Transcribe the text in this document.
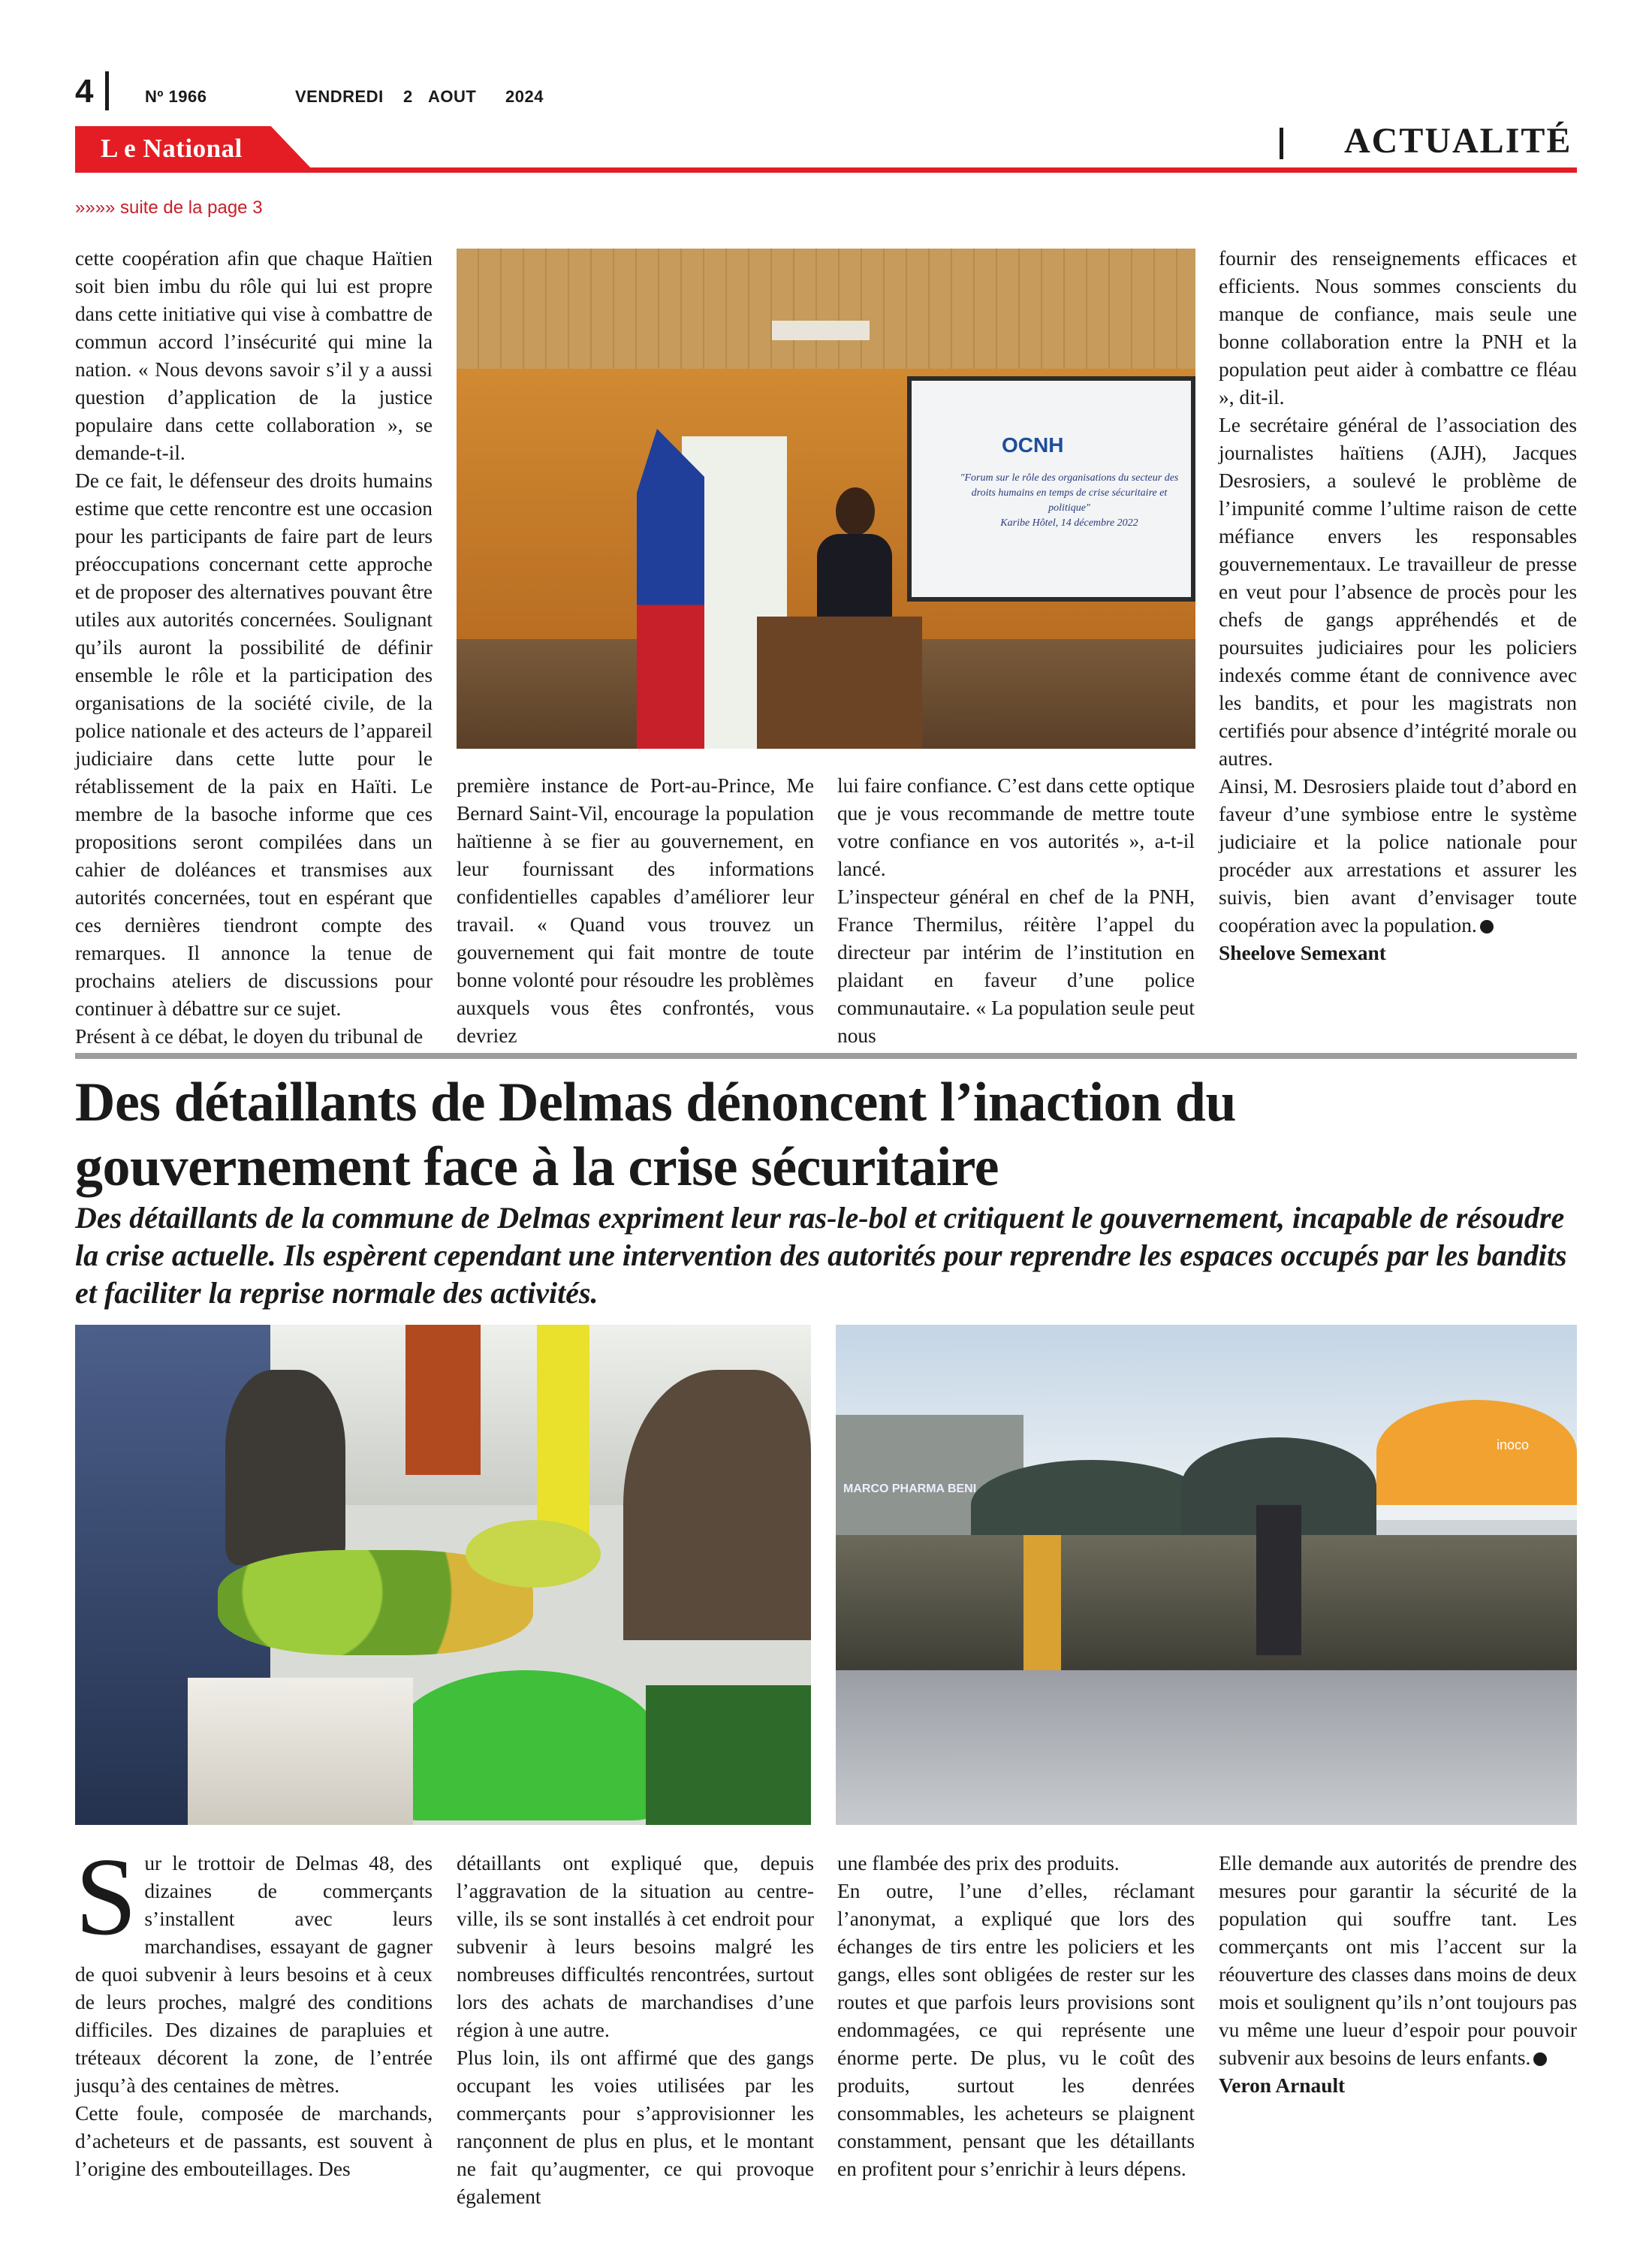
4	Nº 1966	VENDREDI 2 AOUT 2024
L e National	ACTUALITÉ
»»»» suite de la page 3

cette coopération afin que chaque Haïtien soit bien imbu du rôle qui lui est propre dans cette initiative qui vise à combattre de commun accord l’insécurité qui mine la nation. « Nous devons savoir s’il y a aussi question d’application de la justice populaire dans cette collaboration », se demande-t-il.

De ce fait, le défenseur des droits humains estime que cette rencontre est une occasion pour les participants de faire part de leurs préoccupations concernant cette approche et de proposer des alternatives pouvant être utiles aux autorités concernées. Soulignant qu’ils auront la possibilité de définir ensemble le rôle et la participation des organisations de la société civile, de la police nationale et des acteurs de l’appareil judiciaire dans cette lutte pour le rétablissement de la paix en Haïti. Le membre de la basoche informe que ces propositions seront compilées dans un cahier de doléances et transmises aux autorités concernées, tout en espérant que ces dernières tiendront compte des remarques. Il annonce la tenue de prochains ateliers de discussions pour continuer à débattre sur ce sujet.

Présent à ce débat, le doyen du tribunal de

OCNH
"Forum sur le rôle des organisations du secteur des droits humains en temps de crise sécuritaire et politique"
Karibe Hôtel, 14 décembre 2022

première instance de Port-au-Prince, Me Bernard Saint-Vil, encourage la population haïtienne à se fier au gouvernement, en leur fournissant des informations confidentielles capables d’améliorer leur travail. « Quand vous trouvez un gouvernement qui fait montre de toute bonne volonté pour résoudre les problèmes auxquels vous êtes confrontés, vous devriez

lui faire confiance. C’est dans cette optique que je vous recommande de mettre toute votre confiance en vos autorités », a-t-il lancé.

L’inspecteur général en chef de la PNH, France Thermilus, réitère l’appel du directeur par intérim de l’institution en plaidant en faveur d’une police communautaire. « La population seule peut nous

fournir des renseignements efficaces et efficients. Nous sommes conscients du manque de confiance, mais seule une bonne collaboration entre la PNH et la population peut aider à combattre ce fléau », dit-il.

Le secrétaire général de l’association des journalistes haïtiens (AJH), Jacques Desrosiers, a soulevé le problème de l’impunité comme l’ultime raison de cette méfiance envers les responsables gouvernementaux. Le travailleur de presse en veut pour l’absence de procès pour les chefs de gangs appréhendés et de poursuites judiciaires pour les policiers indexés comme étant de connivence avec les bandits, et pour les magistrats non certifiés pour absence d’intégrité morale ou autres.

Ainsi, M. Desrosiers plaide tout d’abord en faveur d’une symbiose entre le système judiciaire et la police nationale pour procéder aux arrestations et assurer les suivis, bien avant d’envisager toute coopération avec la population.

Sheelove Semexant

Des détaillants de Delmas dénoncent l’inaction du gouvernement face à la crise sécuritaire

Des détaillants de la commune de Delmas expriment leur ras-le-bol et critiquent le gouvernement, incapable de résoudre la crise actuelle. Ils espèrent cependant une intervention des autorités pour reprendre les espaces occupés par les bandits et faciliter la reprise normale des activités.

MARCO PHARMA BENI
inoco

Sur le trottoir de Delmas 48, des dizaines de commerçants s’installent avec leurs marchandises, essayant de gagner de quoi subvenir à leurs besoins et à ceux de leurs proches, malgré des conditions difficiles. Des dizaines de parapluies et tréteaux décorent la zone, de l’entrée jusqu’à des centaines de mètres.

Cette foule, composée de marchands, d’acheteurs et de passants, est souvent à l’origine des embouteillages. Des

détaillants ont expliqué que, depuis l’aggravation de la situation au centre-ville, ils se sont installés à cet endroit pour subvenir à leurs besoins malgré les nombreuses difficultés rencontrées, surtout lors des achats de marchandises d’une région à une autre.

Plus loin, ils ont affirmé que des gangs occupant les voies utilisées par les commerçants pour s’approvisionner les rançonnent de plus en plus, et le montant ne fait qu’augmenter, ce qui provoque également

une flambée des prix des produits.

En outre, l’une d’elles, réclamant l’anonymat, a expliqué que lors des échanges de tirs entre les policiers et les gangs, elles sont obligées de rester sur les routes et que parfois leurs provisions sont endommagées, ce qui représente une énorme perte. De plus, vu le coût des produits, surtout les denrées consommables, les acheteurs se plaignent constamment, pensant que les détaillants en profitent pour s’enrichir à leurs dépens.

Elle demande aux autorités de prendre des mesures pour garantir la sécurité de la population qui souffre tant. Les commerçants ont mis l’accent sur la réouverture des classes dans moins de deux mois et soulignent qu’ils n’ont toujours pas vu même une lueur d’espoir pour pouvoir subvenir aux besoins de leurs enfants.

Veron Arnault
